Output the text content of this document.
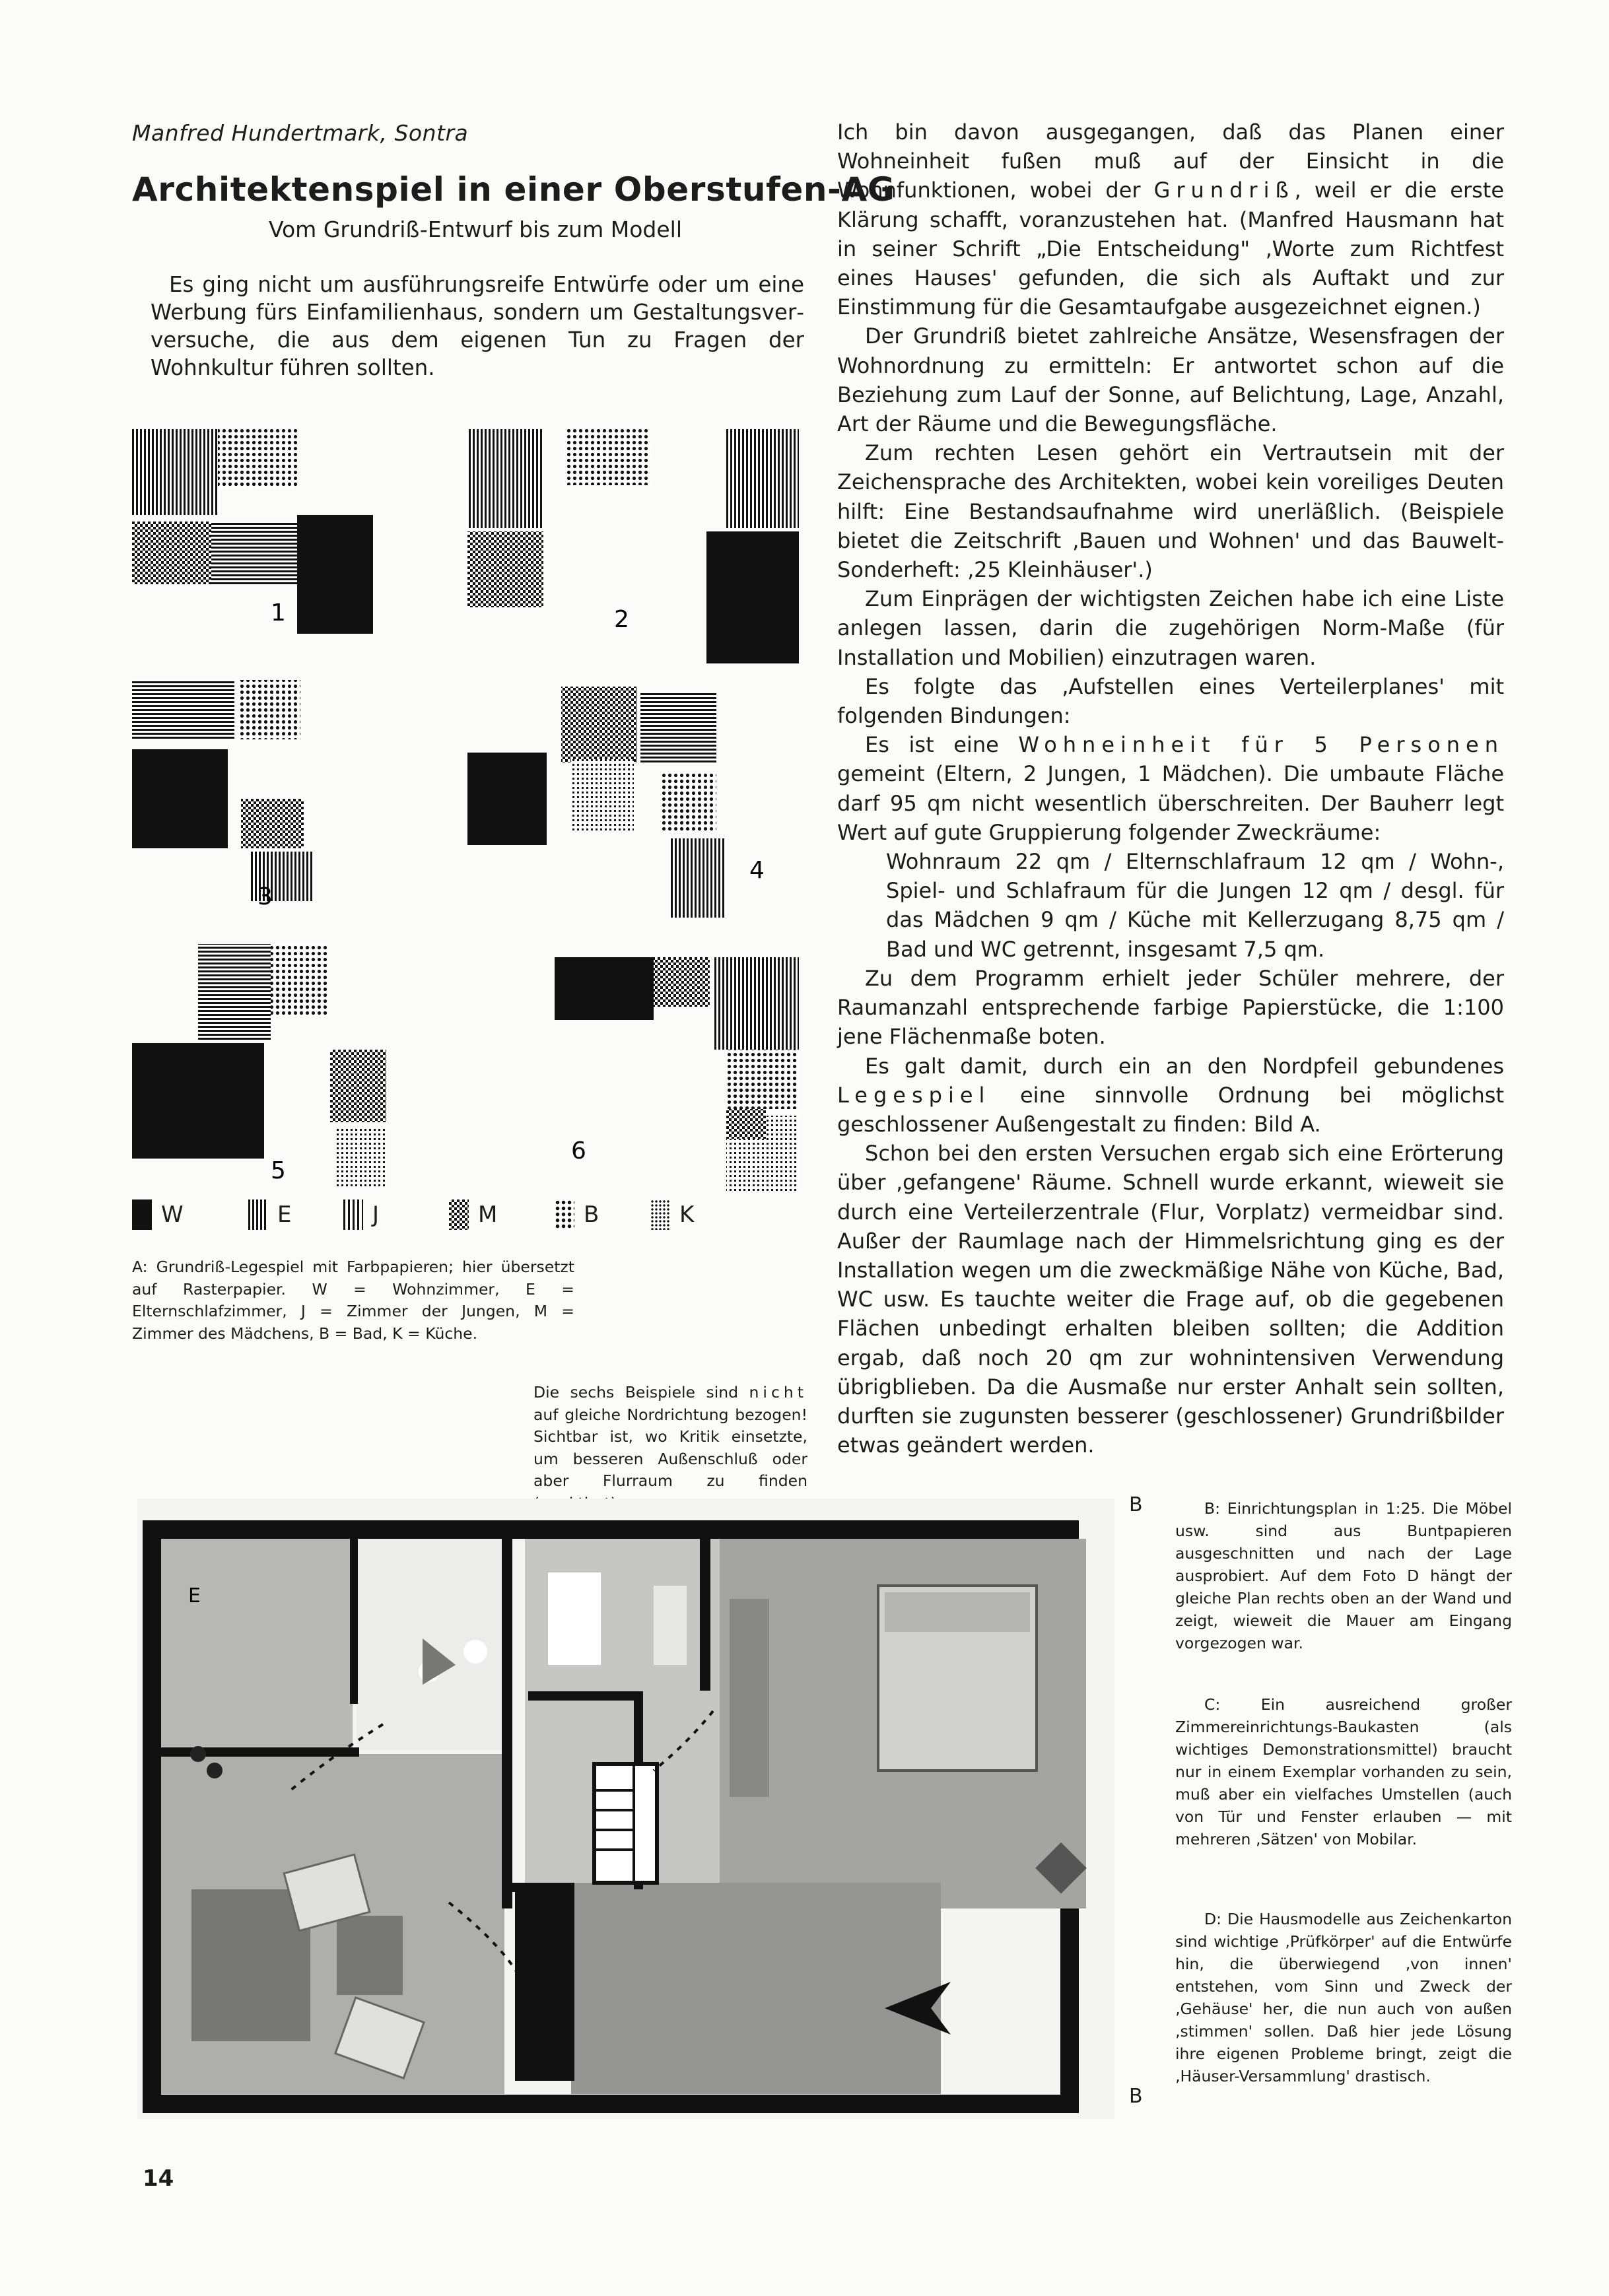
Manfred Hundertmark, Sontra
Architektenspiel in einer Oberstufen-AG
Vom Grundriß-Entwurf bis zum Modell

Es ging nicht um ausführungsreife Entwürfe oder um eine Werbung fürs Einfamilienhaus, sondern um Gestaltungsverversuche, die aus dem eigenen Tun zu Fragen der Wohnkultur führen sollten.

Ich bin davon ausgegangen, daß das Planen einer Wohneinheit fußen muß auf der Einsicht in die Wohnfunktionen, wobei der Grundriß, weil er die erste Klärung schafft, voranzustehen hat. (Manfred Hausmann hat in seiner Schrift „Die Entscheidung" ‚Worte zum Richtfest eines Hauses' gefunden, die sich als Auftakt und zur Einstimmung für die Gesamtaufgabe ausgezeichnet eignen.)

Der Grundriß bietet zahlreiche Ansätze, Wesensfragen der Wohnordnung zu ermitteln: Er antwortet schon auf die Beziehung zum Lauf der Sonne, auf Belichtung, Lage, Anzahl, Art der Räume und die Bewegungsfläche.

Zum rechten Lesen gehört ein Vertrautsein mit der Zeichensprache des Architekten, wobei kein voreiliges Deuten hilft: Eine Bestandsaufnahme wird unerläßlich. (Beispiele bietet die Zeitschrift ‚Bauen und Wohnen' und das Bauwelt-Sonderheft: ‚25 Kleinhäuser'.)

Zum Einprägen der wichtigsten Zeichen habe ich eine Liste anlegen lassen, darin die zugehörigen Norm-Maße (für Installation und Mobilien) einzutragen waren.

Es folgte das ‚Aufstellen eines Verteilerplanes' mit folgenden Bindungen:

Es ist eine Wohneinheit für 5 Personen gemeint (Eltern, 2 Jungen, 1 Mädchen). Die umbaute Fläche darf 95 qm nicht wesentlich überschreiten. Der Bauherr legt Wert auf gute Gruppierung folgender Zweckräume:

Wohnraum 22 qm / Elternschlafraum 12 qm / Wohn-, Spiel- und Schlafraum für die Jungen 12 qm / desgl. für das Mädchen 9 qm / Küche mit Kellerzugang 8,75 qm / Bad und WC getrennt, insgesamt 7,5 qm.

Zu dem Programm erhielt jeder Schüler mehrere, der Raumanzahl entsprechende farbige Papierstücke, die 1:100 jene Flächenmaße boten.

Es galt damit, durch ein an den Nordpfeil gebundenes Legespiel eine sinnvolle Ordnung bei möglichst geschlossener Außengestalt zu finden: Bild A.

Schon bei den ersten Versuchen ergab sich eine Erörterung über ‚gefangene' Räume. Schnell wurde erkannt, wieweit sie durch eine Verteilerzentrale (Flur, Vorplatz) vermeidbar sind. Außer der Raumlage nach der Himmelsrichtung ging es der Installation wegen um die zweckmäßige Nähe von Küche, Bad, WC usw. Es tauchte weiter die Frage auf, ob die gegebenen Flächen unbedingt erhalten bleiben sollten; die Addition ergab, daß noch 20 qm zur wohnintensiven Verwendung übrigblieben. Da die Ausmaße nur erster Anhalt sein sollten, durften sie zugunsten besserer (geschlossener) Grundrißbilder etwas geändert werden.

1	2
3
4
5
6
W	E	J	M	B	K
A: Grundriß-Legespiel mit Farbpapieren; hier übersetzt auf Rasterpapier. W = Wohnzimmer, E = Elternschlafzimmer, J = Zimmer der Jungen, M = Zimmer des Mädchens, B = Bad, K = Küche.
Die sechs Beispiele sind nicht auf gleiche Nordrichtung bezogen! Sichtbar ist, wo Kritik einsetzte, um besseren Außenschluß oder aber Flurraum zu finden
E
B
B

B: Einrichtungsplan in 1:25. Die Möbel usw. sind aus Buntpapieren ausgeschnitten und nach der Lage ausprobiert. Auf dem Foto D hängt der gleiche Plan rechts oben an der Wand und zeigt, wieweit die Mauer am Eingang vorgezogen war.

C: Ein ausreichend großer Zimmereinrichtungs-Baukasten (als wichtiges Demonstrationsmittel) braucht nur in einem Exemplar vorhanden zu sein, muß aber ein vielfaches Umstellen (auch von Tür und Fenster erlauben — mit mehreren ‚Sätzen' von Mobilar.

D: Die Hausmodelle aus Zeichenkarton sind wichtige ‚Prüfkörper' auf die Entwürfe hin, die überwiegend ‚von innen' entstehen, vom Sinn und Zweck der ‚Gehäuse' her, die nun auch von außen ‚stimmen' sollen. Daß hier jede Lösung ihre eigenen Probleme bringt, zeigt die ‚Häuser-Versammlung' drastisch.

14
